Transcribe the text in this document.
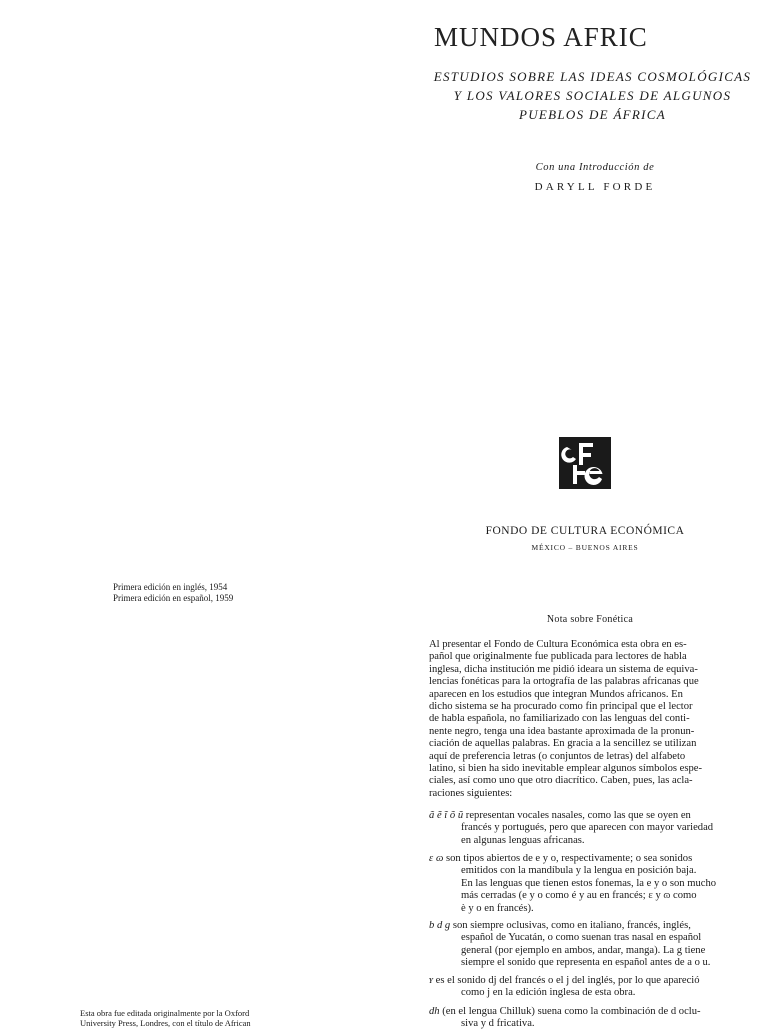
MUNDOS AFRIC
ESTUDIOS SOBRE LAS IDEAS COSMOLÓGICAS
Y LOS VALORES SOCIALES DE ALGUNOS
PUEBLOS DE ÁFRICA
Con una Introducción de
DARYLL FORDE
FONDO DE CULTURA ECONÓMICA
MÉXICO – BUENOS AIRES
Primera edición en inglés, 1954
Primera edición en español, 1959
Nota sobre Fonética
Al presentar el Fondo de Cultura Económica esta obra en es-
pañol que originalmente fue publicada para lectores de habla
inglesa, dicha institución me pidió ideara un sistema de equiva-
lencias fonéticas para la ortografía de las palabras africanas que
aparecen en los estudios que integran Mundos africanos. En
dicho sistema se ha procurado como fin principal que el lector
de habla española, no familiarizado con las lenguas del conti-
nente negro, tenga una idea bastante aproximada de la pronun-
ciación de aquellas palabras. En gracia a la sencillez se utilizan
aquí de preferencia letras (o conjuntos de letras) del alfabeto
latino, si bien ha sido inevitable emplear algunos símbolos espe-
ciales, así como uno que otro diacrítico. Caben, pues, las acla-
raciones siguientes:
ã ẽ ĩ õ ũ representan vocales nasales, como las que se oyen en
francés y portugués, pero que aparecen con mayor variedad
en algunas lenguas africanas.
ɛ ɷ son tipos abiertos de e y o, respectivamente; o sea sonidos
emitidos con la mandíbula y la lengua en posición baja.
En las lenguas que tienen estos fonemas, la e y o son mucho
más cerradas (e y o como é y au en francés; ɛ y ɷ como
è y o en francés).
b d g son siempre oclusivas, como en italiano, francés, inglés,
español de Yucatán, o como suenan tras nasal en español
general (por ejemplo en ambos, andar, manga). La g tiene
siempre el sonido que representa en español antes de a o u.
ʏ es el sonido dj del francés o el j del inglés, por lo que apareció
como j en la edición inglesa de esta obra.
dh (en el lengua Chilluk) suena como la combinación de d oclu-
siva y d fricativa.
Esta obra fue editada originalmente por la Oxford
University Press, Londres, con el título de African
